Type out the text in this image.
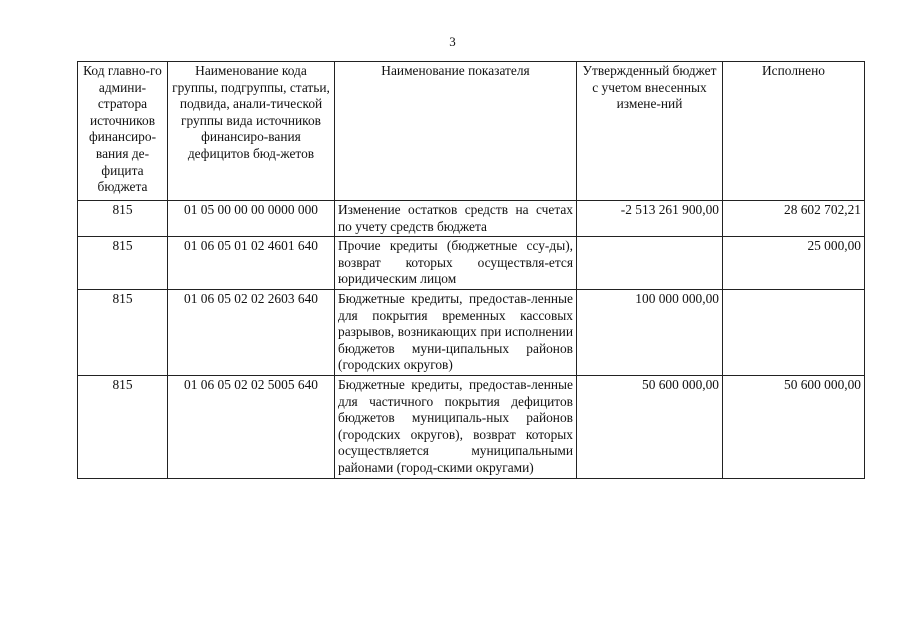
3
Код главно-го админи-стратора источников финансиро-вания де-фицита бюджета	Наименование кода группы, подгруппы, статьи, подвида, анали-тической группы вида источников финансиро-вания дефицитов бюд-жетов	Наименование показателя	Утвержденный бюджет с учетом внесенных измене-ний	Исполнено
815	01 05 00 00 00 0000 000	Изменение остатков средств на счетах по учету средств бюджета	-2 513 261 900,00	28 602 702,21
815	01 06 05 01 02 4601 640	Прочие кредиты (бюджетные ссу-ды), возврат которых осуществля-ется юридическим лицом		25 000,00
815	01 06 05 02 02 2603 640	Бюджетные кредиты, предостав-ленные для покрытия временных кассовых разрывов, возникающих при исполнении бюджетов муни-ципальных районов (городских округов)	100 000 000,00	
815	01 06 05 02 02 5005 640	Бюджетные кредиты, предостав-ленные для частичного покрытия дефицитов бюджетов муниципаль-ных районов (городских округов), возврат которых осуществляется муниципальными районами (город-скими округами)	50 600 000,00	50 600 000,00
